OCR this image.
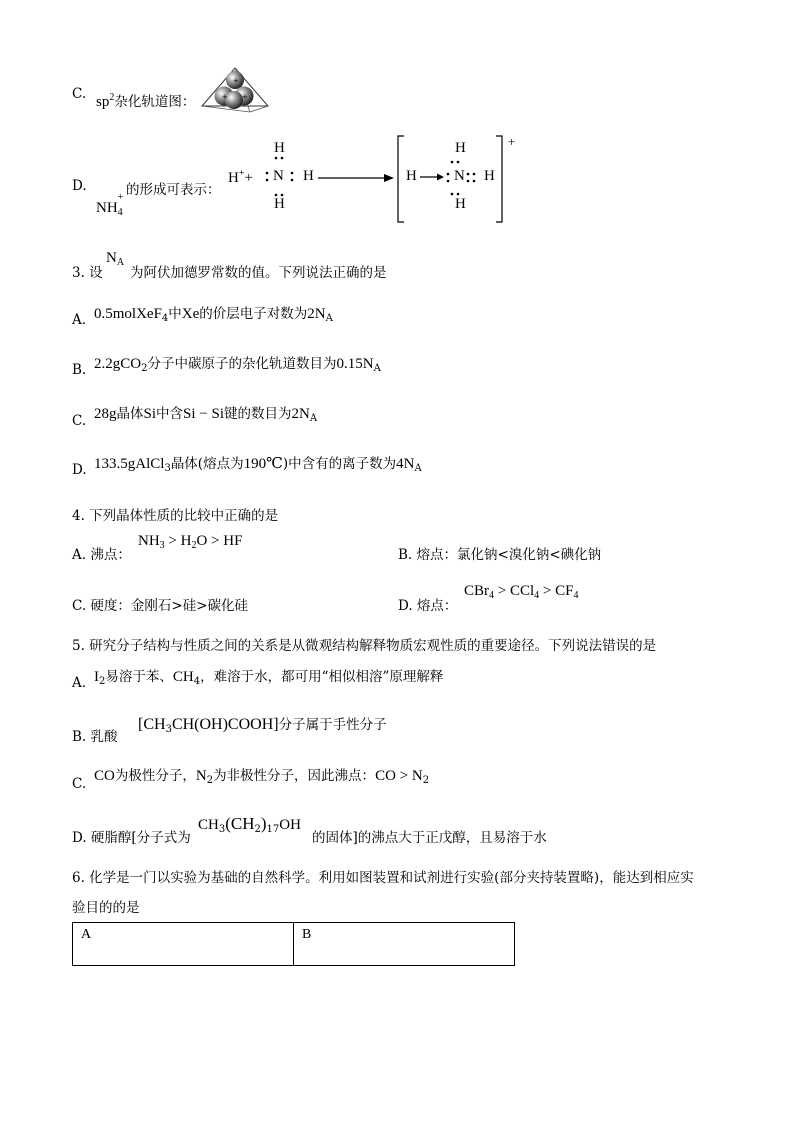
C. $sp^2$杂化轨道图：
+
+ +
D.	的形成可表示：
NH
+
$_4$
H++
H
N H
H
H
H
N H
H
+
3. 设
$N_A$
为阿伏加德罗常数的值。下列说法正确的是
A. 0.5molXeF$_4$中Xe的价层电子对数为$2N_A$
B. 2.2gCO$_2$分子中碳原子的杂化轨道数目为$0.15N_A$
C. 28g晶体Si中含Si − Si键的数目为$2N_A$
D. 133.5gAlCl$_3$晶体(熔点为190℃)中含有的离子数为$4N_A$
4. 下列晶体性质的比较中正确的是
A. 沸点：
$NH_3 > H_2O$ > HF
B. 熔点：氯化钠<溴化钠<碘化钠
C. 硬度：金刚石>硅>碳化硅	D. 熔点：
$CBr_4 > CCl_4 > CF_4$
5. 研究分子结构与性质之间的关系是从微观结构解释物质宏观性质的重要途径。下列说法错误的是
A. $I_2$易溶于苯、$CH_4$，难溶于水，都可用“相似相溶”原理解释
B. 乳酸
$[CH_3CH(OH)COOH]$分子属于手性分子
C. CO为极性分子，$N_2$为非极性分子，因此沸点：CO > $N_2$
D. 硬脂醇[分子式为
$CH_3(CH_2)_{17}OH$
的固体]的沸点大于正戊醇，且易溶于水
6. 化学是一门以实验为基础的自然科学。利用如图装置和试剂进行实验(部分夹持装置略)，能达到相应实
验目的的是
A	B
